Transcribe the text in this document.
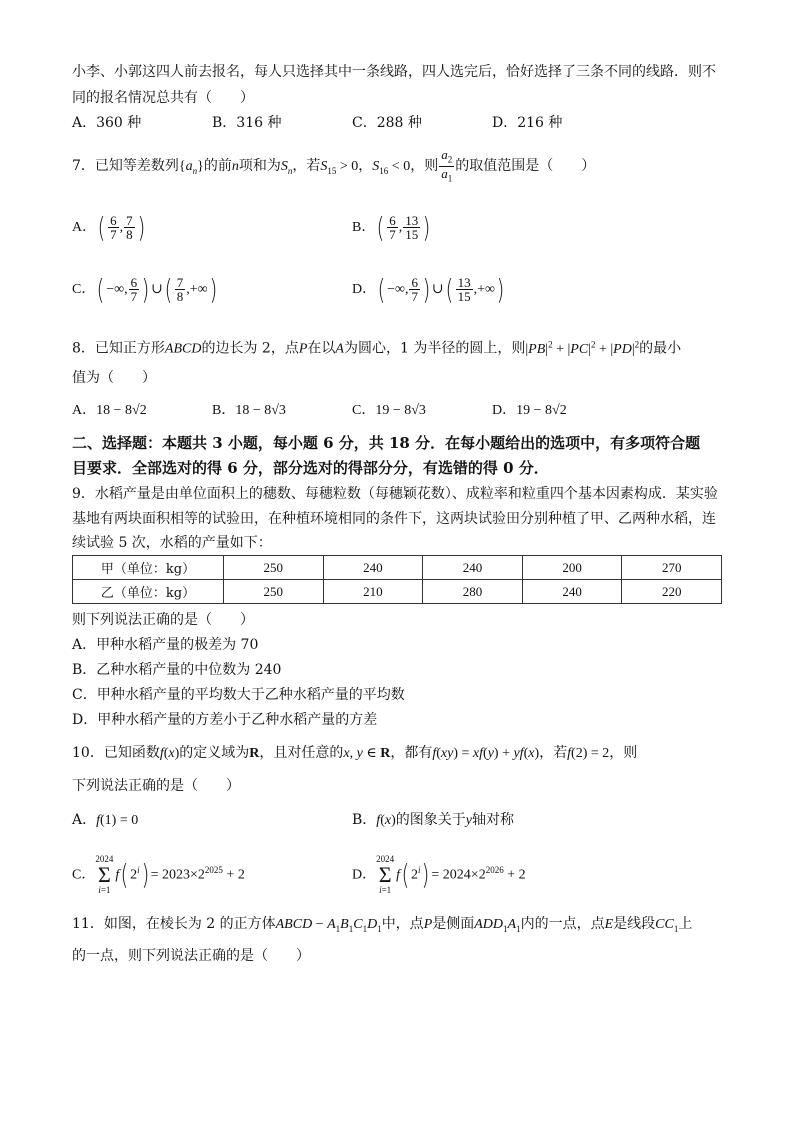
小李、小郭这四人前去报名，每人只选择其中一条线路，四人选完后，恰好选择了三条不同的线路．则不
同的报名情况总共有（　　）
A．360 种	B．316 种	C．288 种	D．216 种
7．已知等差数列$\{a_n\}$的前n项和为$S_n$，若$S_{15} > 0$，$S_{16} < 0$，则 $\frac{a_2}{a_1}$ 的取值范围是（　　）
A．( $\frac{6}{7}$ , $\frac{7}{8}$ )	B．( $\frac{6}{7}$ , $\frac{13}{15}$ )
C．( −∞, $\frac{6}{7}$ ) ∪( $\frac{7}{8}$ ,+∞)	D．( −∞, $\frac{6}{7}$ ) ∪( $\frac{13}{15}$ ,+∞)
8．已知正方形ABCD的边长为 2，点P在以A为圆心，1 为半径的圆上，则$|PB|^2 + |PC|^2 + |PD|^2$的最小
值为（　　）
A．18 − 8√2	B．18 − 8√3	C．19 − 8√3	D．19 − 8√2
二、选择题：本题共 3 小题，每小题 6 分，共 18 分．在每小题给出的选项中，有多项符合题
目要求．全部选对的得 6 分，部分选对的得部分分，有选错的得 0 分．
9．水稻产量是由单位面积上的穗数、每穗粒数（每穗颖花数）、成粒率和粒重四个基本因素构成．某实验
基地有两块面积相等的试验田，在种植环境相同的条件下，这两块试验田分别种植了甲、乙两种水稻，连
续试验 5 次，水稻的产量如下：
甲（单位：kg）	250	240	240	200	270
乙（单位：kg）	250	210	280	240	220
则下列说法正确的是（　　）
A．甲种水稻产量的极差为 70
B．乙种水稻产量的中位数为 240
C．甲种水稻产量的平均数大于乙种水稻产量的平均数
D．甲种水稻产量的方差小于乙种水稻产量的方差
10．已知函数f(x)的定义域为R，且对任意的x, y ∈ R，都有f(xy) = xf(y) + yf(x)，若f(2) = 2，则
下列说法正确的是（　　）
A．f(1) = 0	B．f(x)的图象关于y轴对称
C．
2024
Σ
i=1
f( $2^i) = 2023\times 2^{2025} + 2$	D．
2024
Σ
i=1
f( $2^i) = 2024\times 2^{2026} + 2$
11．如图，在棱长为 2 的正方体ABCD − $A_1B_1C_1D_1$中，点P是侧面$ADD_1A_1$内的一点，点E是线段$CC_1$上
的一点，则下列说法正确的是（　　）
